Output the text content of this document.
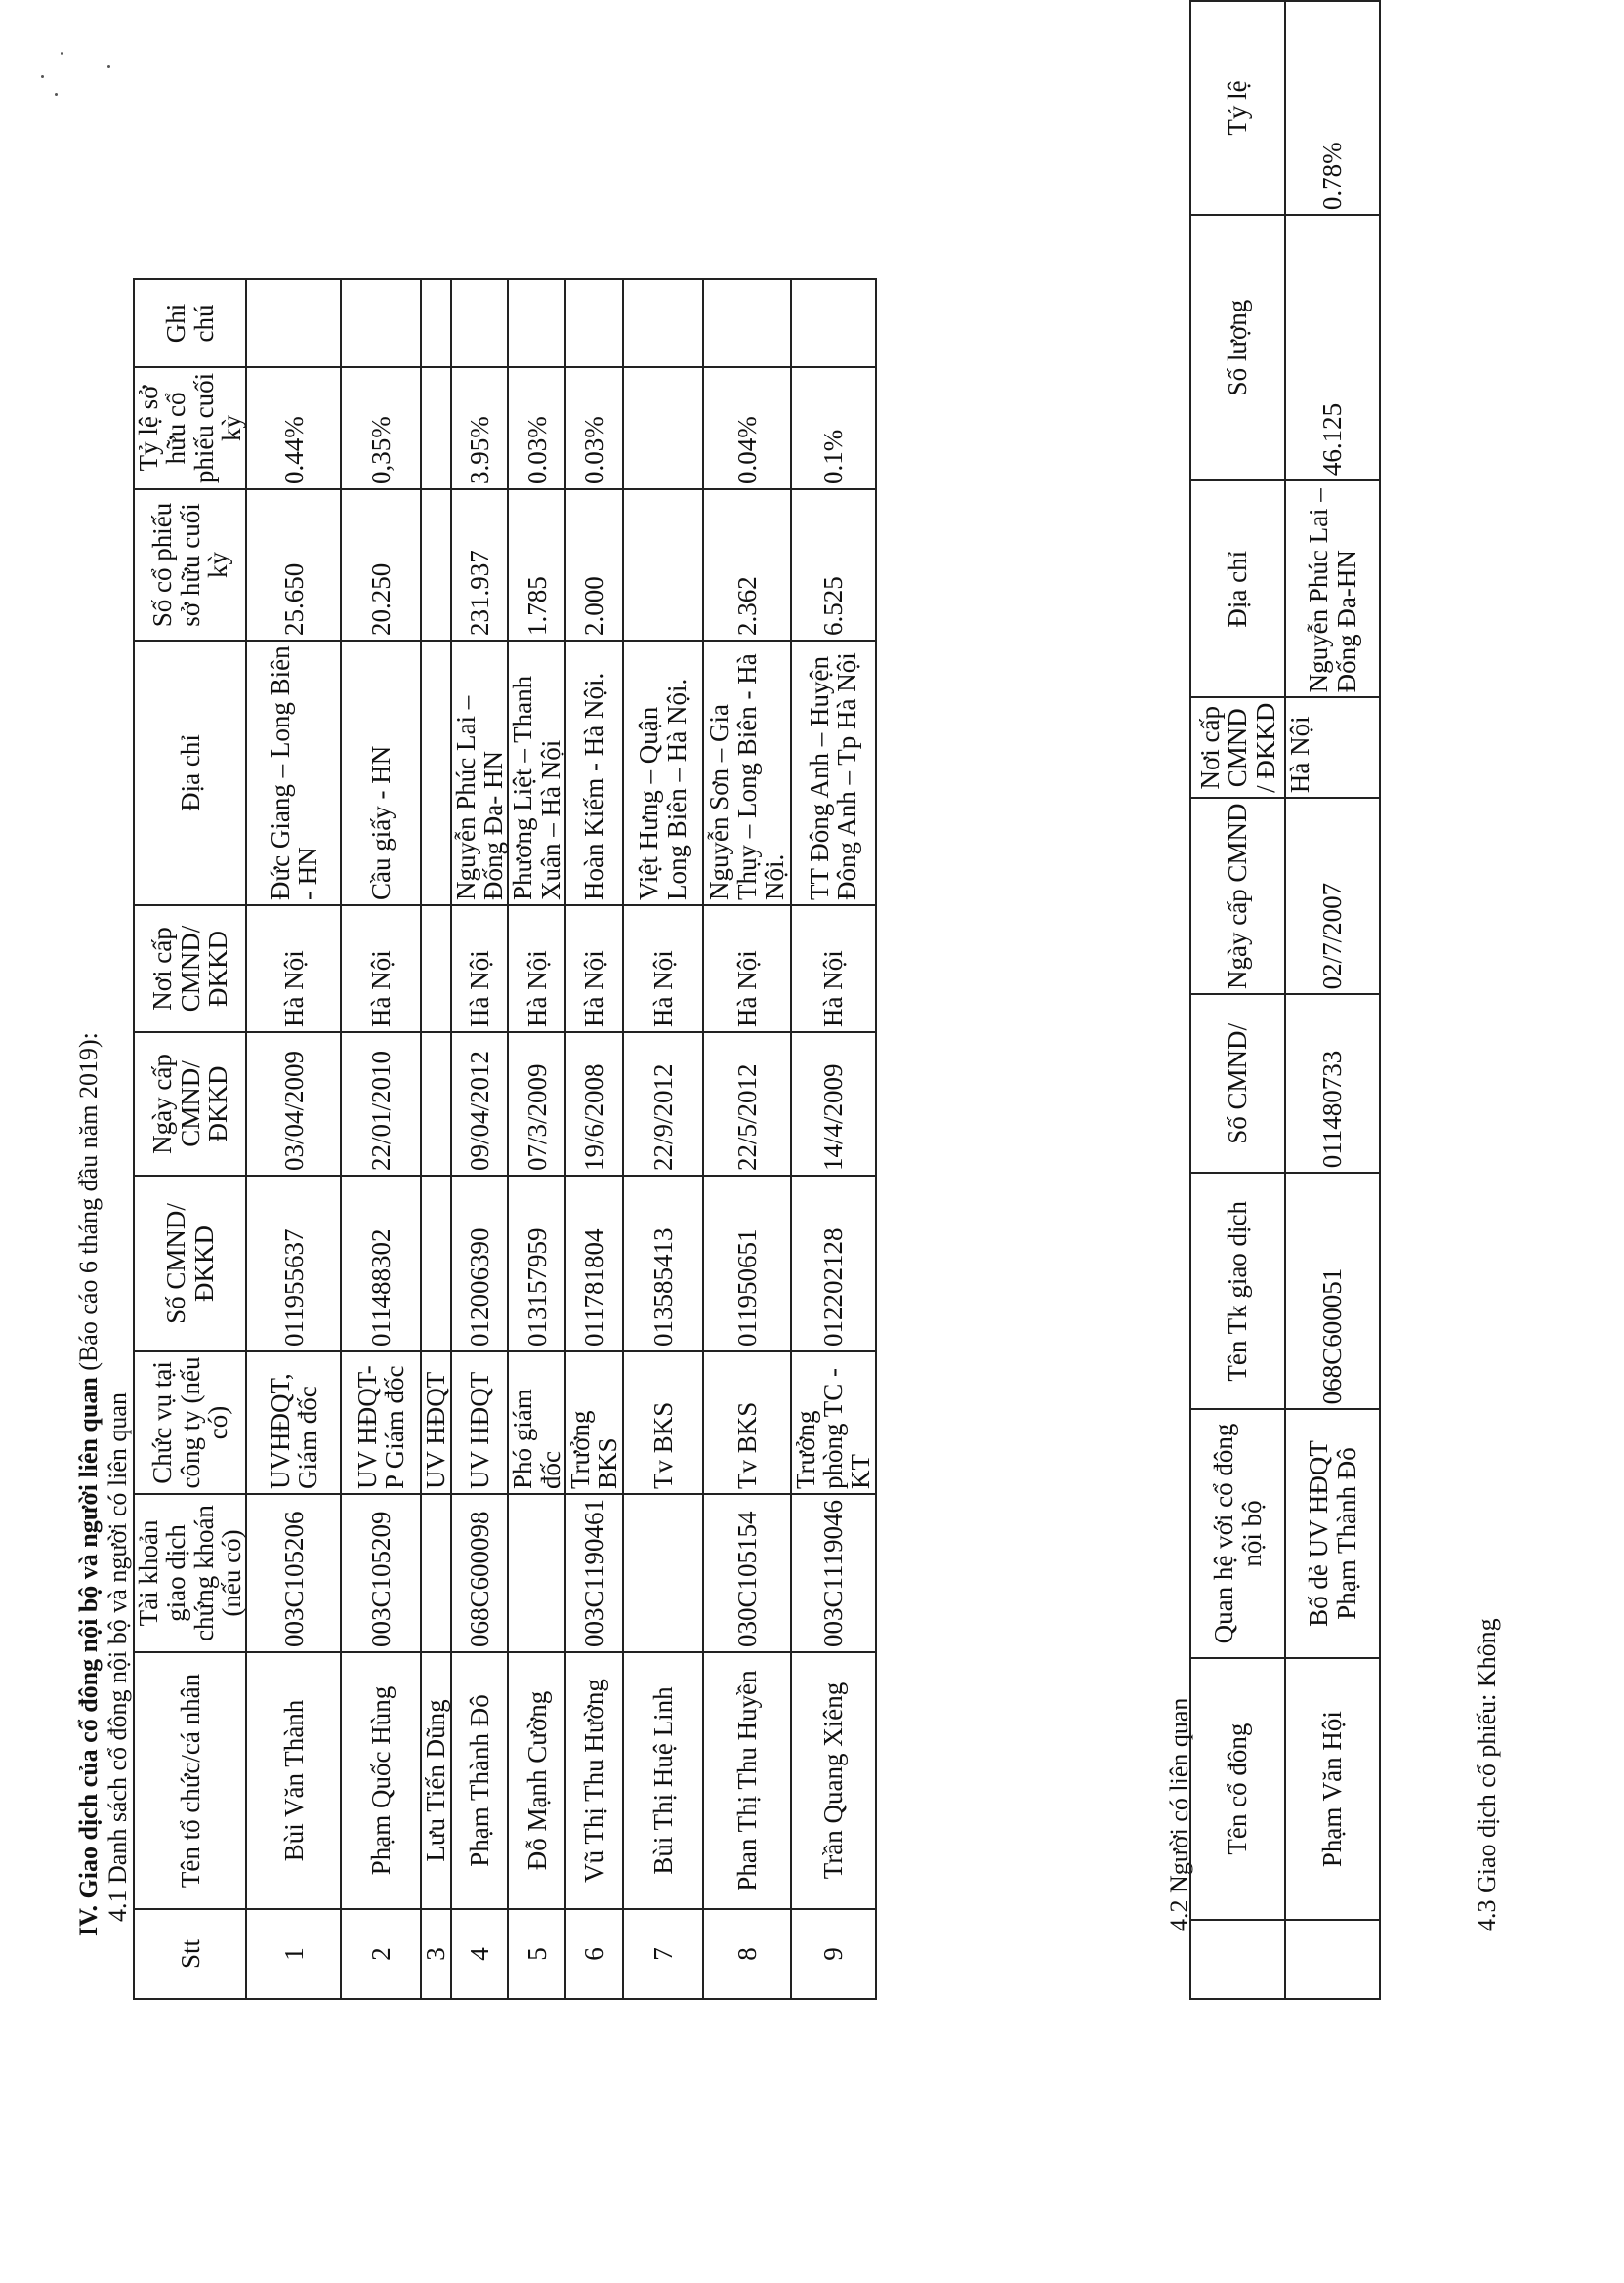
IV. Giao dịch của cổ đông nội bộ và người liên quan (Báo cáo 6 tháng đầu năm 2019):
4.1 Danh sách cổ đông nội bộ và người có liên quan
Stt	Tên tổ chức/cá nhân	Tài khoản giao dịch chứng khoán (nếu có)	Chức vụ tại công ty (nếu có)	Số CMND/ ĐKKD	Ngày cấp CMND/ ĐKKD	Nơi cấp CMND/ ĐKKD	Địa chỉ	Số cổ phiếu sở hữu cuối kỳ	Tỷ lệ sở hữu cổ phiếu cuối kỳ	Ghi chú
1	Bùi Văn Thành	003C105206	UVHĐQT, Giám đốc	011955637	03/04/2009	Hà Nội	Đức Giang – Long Biên - HN	25.650	0.44%	
2	Phạm Quốc Hùng	003C105209	UV HĐQT-P Giám đốc	011488302	22/01/2010	Hà Nội	Cầu giấy - HN	20.250	0,35%	
3	Lưu Tiến Dũng		UV HĐQT							
4	Phạm Thành Đô	068C600098	UV HĐQT	012006390	09/04/2012	Hà Nội	Nguyễn Phúc Lai – Đống Đa- HN	231.937	3.95%	
5	Đỗ Mạnh Cường		Phó giám đốc	013157959	07/3/2009	Hà Nội	Phương Liệt – Thanh Xuân – Hà Nội	1.785	0.03%	
6	Vũ Thị Thu Hường	003C1190461	Trưởng BKS	011781804	19/6/2008	Hà Nội	Hoàn Kiếm - Hà Nội.	2.000	0.03%	
7	Bùi Thị Huệ Linh		Tv BKS	013585413	22/9/2012	Hà Nội	Việt Hưng – Quận Long Biên – Hà Nội.			
8	Phan Thị Thu Huyền	030C105154	Tv BKS	011950651	22/5/2012	Hà Nội	Nguyễn Sơn – Gia Thụy – Long Biên - Hà Nội.	2.362	0.04%	
9	Trần Quang Xiêng	003C1119046	Trưởng phòng TC - KT	012202128	14/4/2009	Hà Nội	TT Đông Anh – Huyện Đông Anh – Tp Hà Nội	6.525	0.1%	
4.2 Người có liên quan
	Tên cổ đông	Quan hệ với cổ đông nội bộ	Tên Tk giao dịch	Số CMND/	Ngày cấp CMND	Nơi cấp CMND / ĐKKD	Địa chỉ	Số lượng	Tỷ lệ
	Phạm Văn Hội	Bố đẻ UV HĐQT Phạm Thành Đô	068C600051	011480733	02/7/2007	Hà Nội	Nguyễn Phúc Lai – Đống Đa-HN	46.125	0.78%
4.3 Giao dịch cổ phiếu: Không
